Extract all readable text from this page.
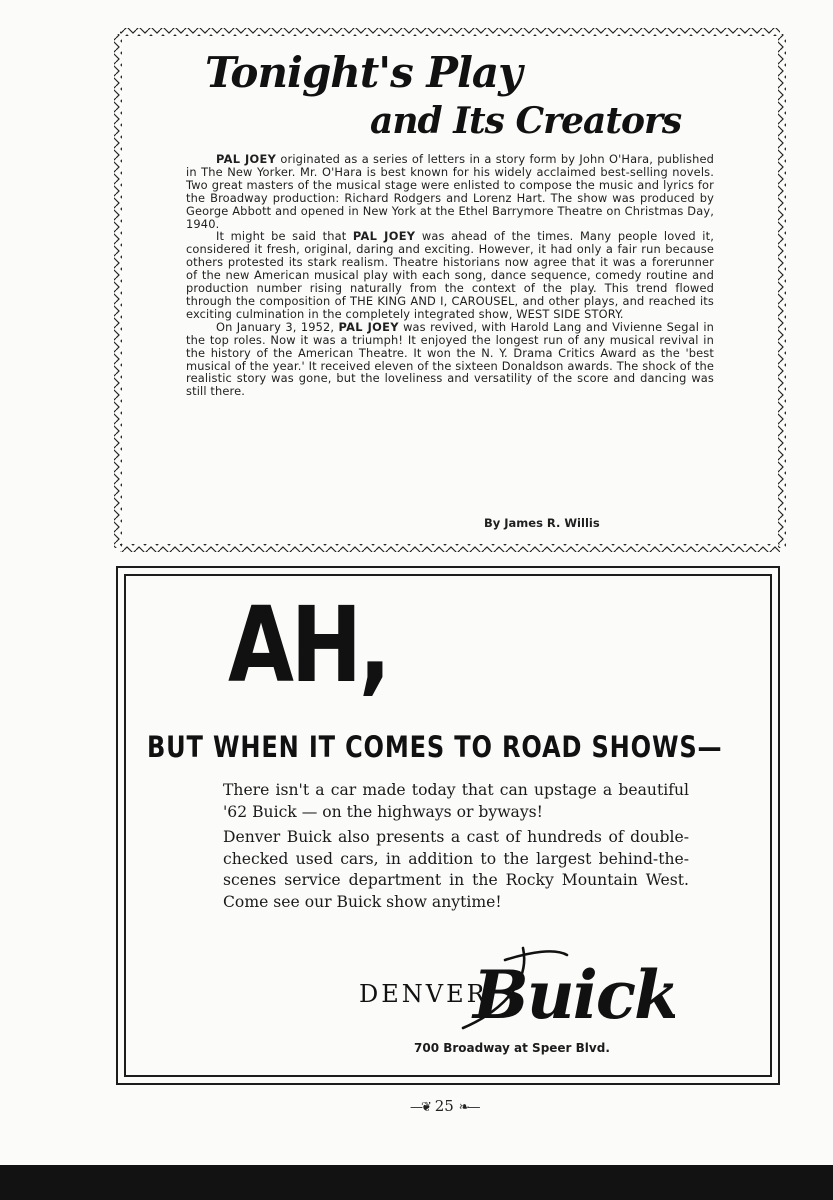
Tonight's Play
and Its Creators

PAL JOEY originated as a series of letters in a story form by John O'Hara, published in The New Yorker. Mr. O'Hara is best known for his widely acclaimed best-selling novels. Two great masters of the musical stage were enlisted to compose the music and lyrics for the Broadway production: Richard Rodgers and Lorenz Hart. The show was produced by George Abbott and opened in New York at the Ethel Barrymore Theatre on Christmas Day, 1940.

It might be said that PAL JOEY was ahead of the times. Many people loved it, considered it fresh, original, daring and exciting. However, it had only a fair run because others protested its stark realism. Theatre historians now agree that it was a forerunner of the new American musical play with each song, dance sequence, comedy routine and production number rising naturally from the context of the play. This trend flowed through the composition of THE KING AND I, CAROUSEL, and other plays, and reached its exciting culmination in the completely integrated show, WEST SIDE STORY.

On January 3, 1952, PAL JOEY was revived, with Harold Lang and Vivienne Segal in the top roles. Now it was a triumph! It enjoyed the longest run of any musical revival in the history of the American Theatre. It won the N. Y. Drama Critics Award as the 'best musical of the year.' It received eleven of the sixteen Donaldson awards. The shock of the realistic story was gone, but the loveliness and versatility of the score and dancing was still there.

By James R. Willis

AH,

BUT WHEN IT COMES TO ROAD SHOWS—

There isn't a car made today that can upstage a beautiful '62 Buick — on the highways or byways!

Denver Buick also presents a cast of hundreds of double-checked used cars, in addition to the largest behind-the-scenes service department in the Rocky Mountain West. Come see our Buick show anytime!

DENVER
Buick

700 Broadway at Speer Blvd.

—❦ 25 ❧—
